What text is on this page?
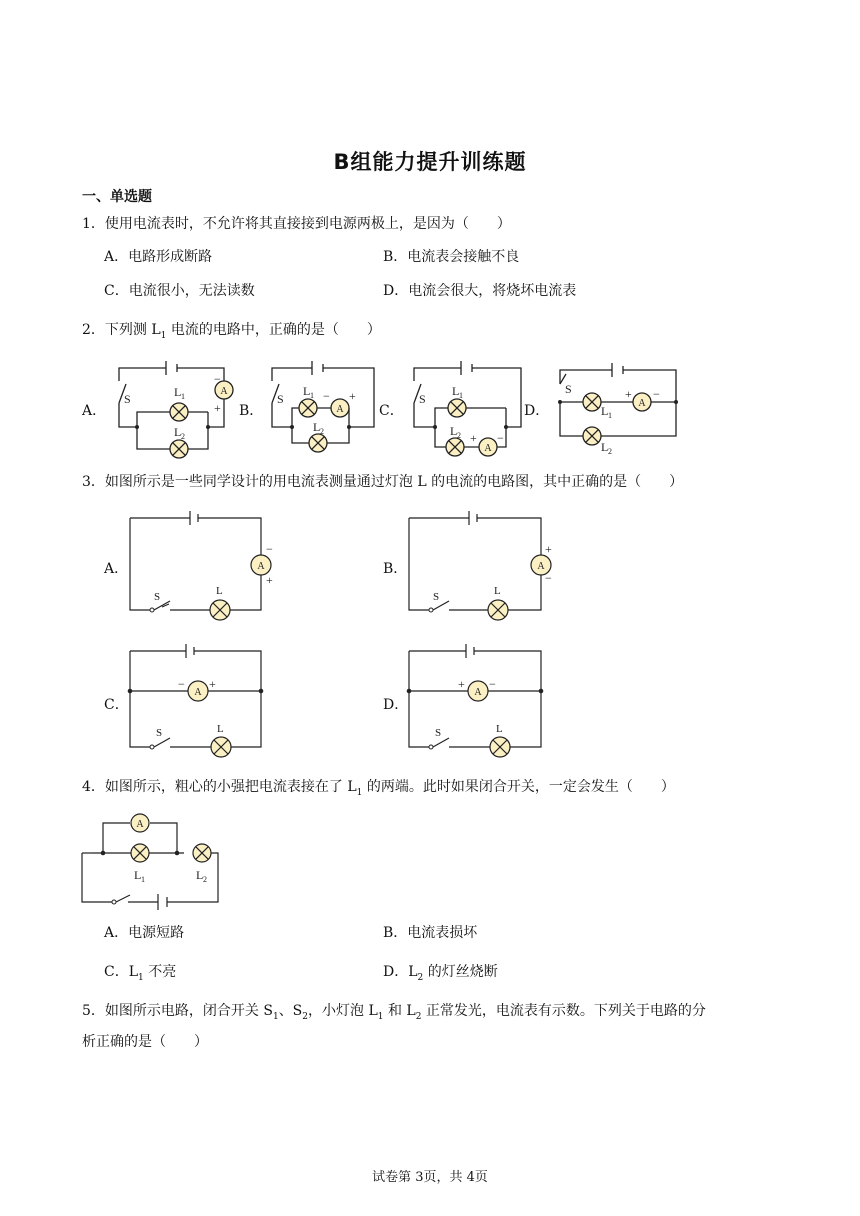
B组能力提升训练题
一、单选题
1．使用电流表时，不允许将其直接接到电源两极上，是因为（　　）
A．电路形成断路	B．电流表会接触不良
C．电流很小，无法读数	D．电流会很大，将烧坏电流表
2．下列测 $L_1$ 电流的电路中，正确的是（　　）
A．	B．	C．	D．
A
A
A
A
S	S	S
S
L
L
L
L
L
L
L
L
1
2
1
2
1
2
1
2
−
+
− +
+ −
+ −
3．如图所示是一些同学设计的用电流表测量通过灯泡 L 的电流的电路图，其中正确的是（　　）
A．	B．
C．	D．
A	A
A	A
S	S
S	S
L	L
L	L
−
+
+
−
− +	+ −
4．如图所示，粗心的小强把电流表接在了 $L_1$ 的两端。此时如果闭合开关，一定会发生（　　）
A
L	L
1	2
A．电源短路	B．电流表损坏
C．$L_1$ 不亮	D．$L_2$ 的灯丝烧断
5．如图所示电路，闭合开关 $S_1$、$S_2$，小灯泡 $L_1$ 和 $L_2$ 正常发光，电流表有示数。下列关于电路的分
析正确的是（　　）
试卷第 3页，共 4页
